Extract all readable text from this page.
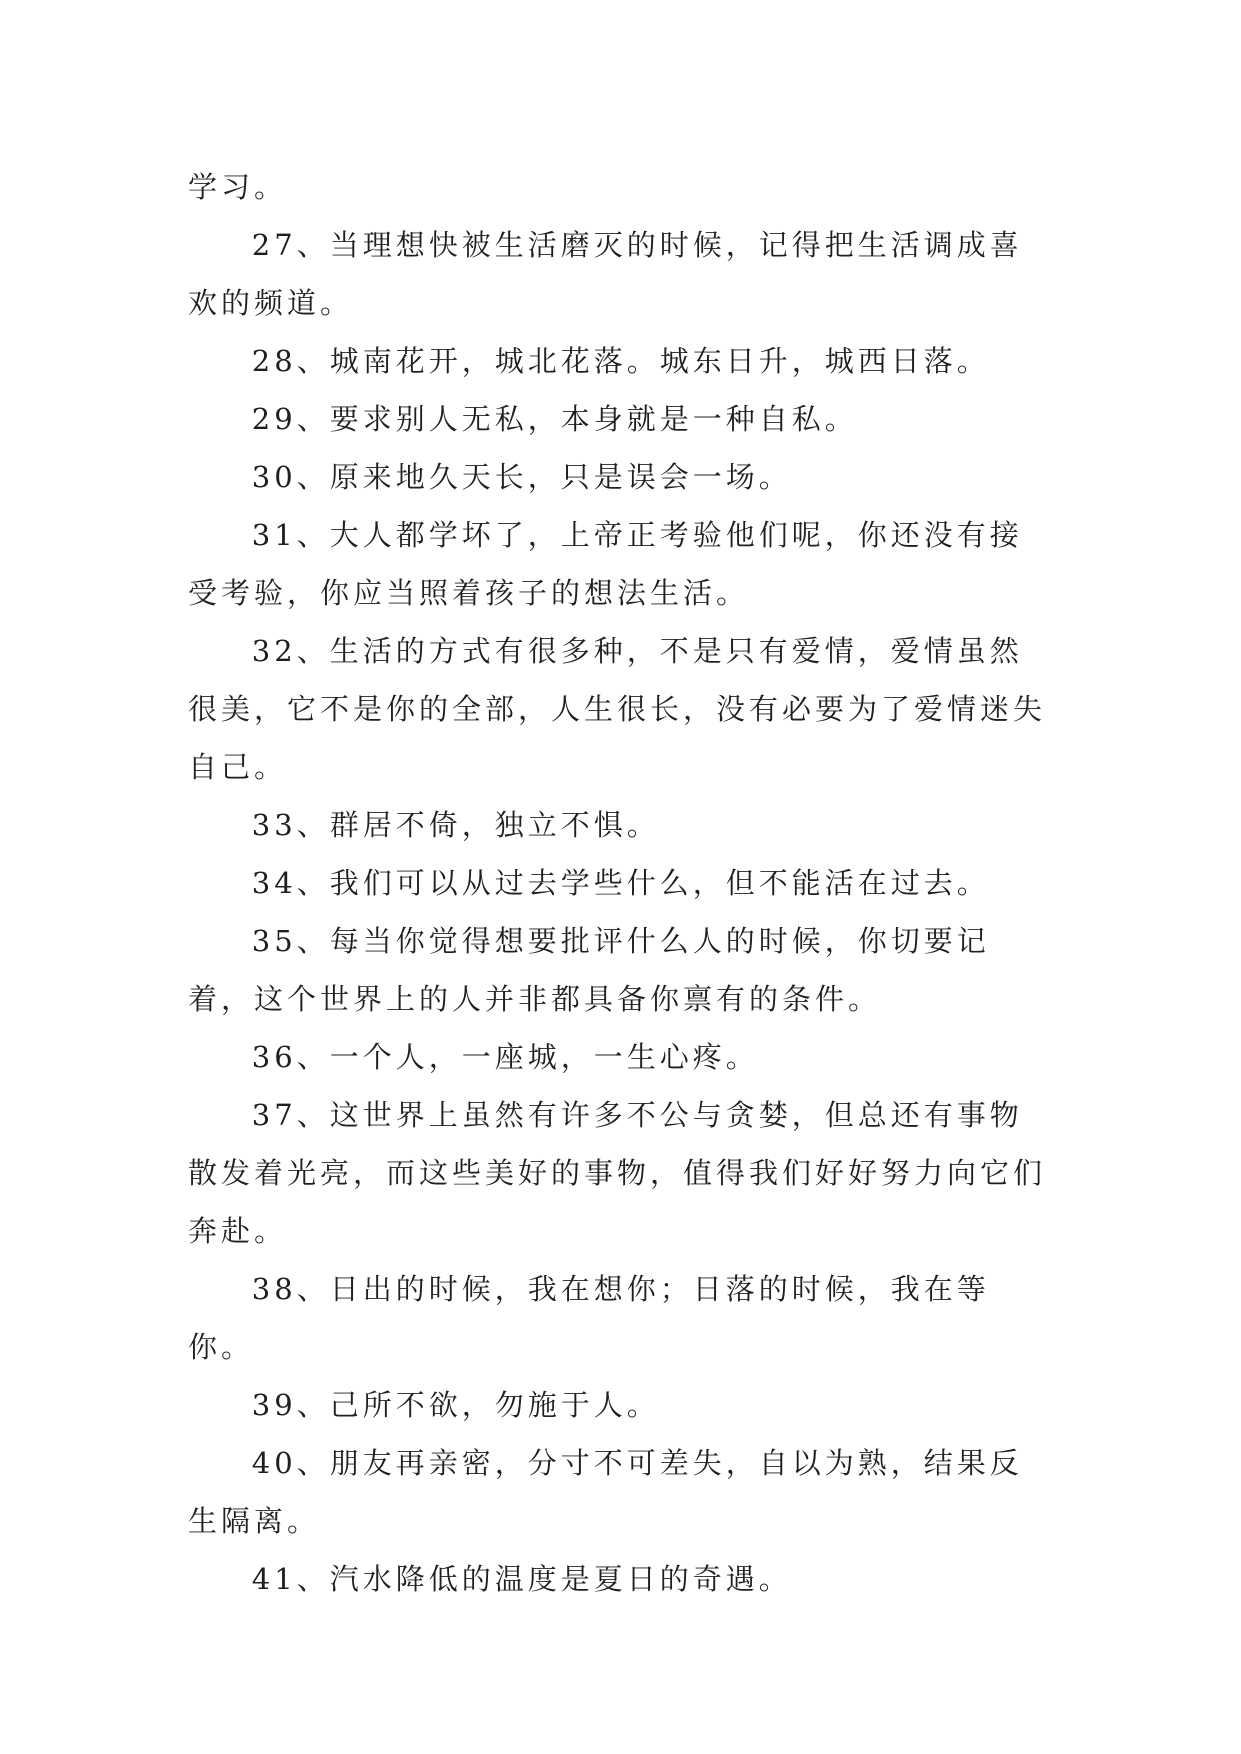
学习。

27、当理想快被生活磨灭的时候，记得把生活调成喜欢的频道。

28、城南花开，城北花落。城东日升，城西日落。

29、要求别人无私，本身就是一种自私。

30、原来地久天长，只是误会一场。

31、大人都学坏了，上帝正考验他们呢，你还没有接受考验，你应当照着孩子的想法生活。

32、生活的方式有很多种，不是只有爱情，爱情虽然很美，它不是你的全部，人生很长，没有必要为了爱情迷失自己。

33、群居不倚，独立不惧。

34、我们可以从过去学些什么，但不能活在过去。

35、每当你觉得想要批评什么人的时候，你切要记着，这个世界上的人并非都具备你禀有的条件。

36、一个人，一座城，一生心疼。

37、这世界上虽然有许多不公与贪婪，但总还有事物散发着光亮，而这些美好的事物，值得我们好好努力向它们奔赴。

38、日出的时候，我在想你；日落的时候，我在等你。

39、己所不欲，勿施于人。

40、朋友再亲密，分寸不可差失，自以为熟，结果反生隔离。

41、汽水降低的温度是夏日的奇遇。
